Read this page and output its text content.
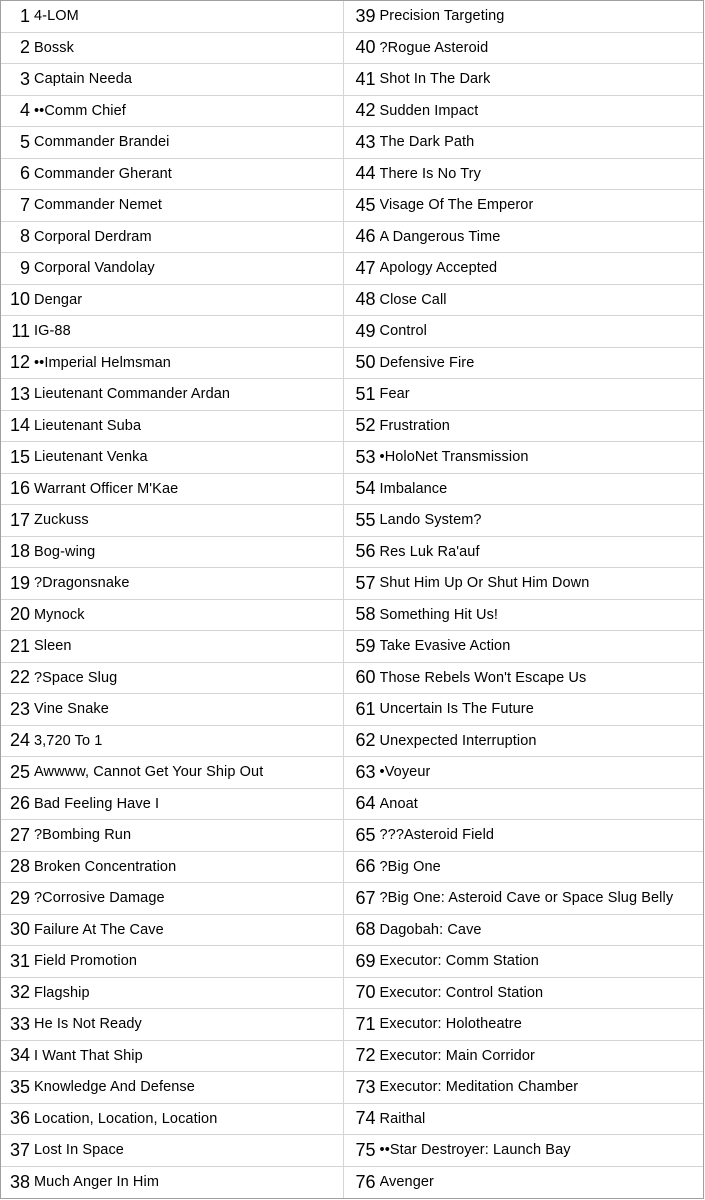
1 4-LOM
2 Bossk
3 Captain Needa
4 ••Comm Chief
5 Commander Brandei
6 Commander Gherant
7 Commander Nemet
8 Corporal Derdram
9 Corporal Vandolay
10 Dengar
11 IG-88
12 ••Imperial Helmsman
13 Lieutenant Commander Ardan
14 Lieutenant Suba
15 Lieutenant Venka
16 Warrant Officer M'Kae
17 Zuckuss
18 Bog-wing
19 ?Dragonsnake
20 Mynock
21 Sleen
22 ?Space Slug
23 Vine Snake
24 3,720 To 1
25 Awwww, Cannot Get Your Ship Out
26 Bad Feeling Have I
27 ?Bombing Run
28 Broken Concentration
29 ?Corrosive Damage
30 Failure At The Cave
31 Field Promotion
32 Flagship
33 He Is Not Ready
34 I Want That Ship
35 Knowledge And Defense
36 Location, Location, Location
37 Lost In Space
38 Much Anger In Him
39 Precision Targeting
40 ?Rogue Asteroid
41 Shot In The Dark
42 Sudden Impact
43 The Dark Path
44 There Is No Try
45 Visage Of The Emperor
46 A Dangerous Time
47 Apology Accepted
48 Close Call
49 Control
50 Defensive Fire
51 Fear
52 Frustration
53 •HoloNet Transmission
54 Imbalance
55 Lando System?
56 Res Luk Ra'auf
57 Shut Him Up Or Shut Him Down
58 Something Hit Us!
59 Take Evasive Action
60 Those Rebels Won't Escape Us
61 Uncertain Is The Future
62 Unexpected Interruption
63 •Voyeur
64 Anoat
65 ???Asteroid Field
66 ?Big One
67 ?Big One: Asteroid Cave or Space Slug Belly
68 Dagobah: Cave
69 Executor: Comm Station
70 Executor: Control Station
71 Executor: Holotheatre
72 Executor: Main Corridor
73 Executor: Meditation Chamber
74 Raithal
75 ••Star Destroyer: Launch Bay
76 Avenger
